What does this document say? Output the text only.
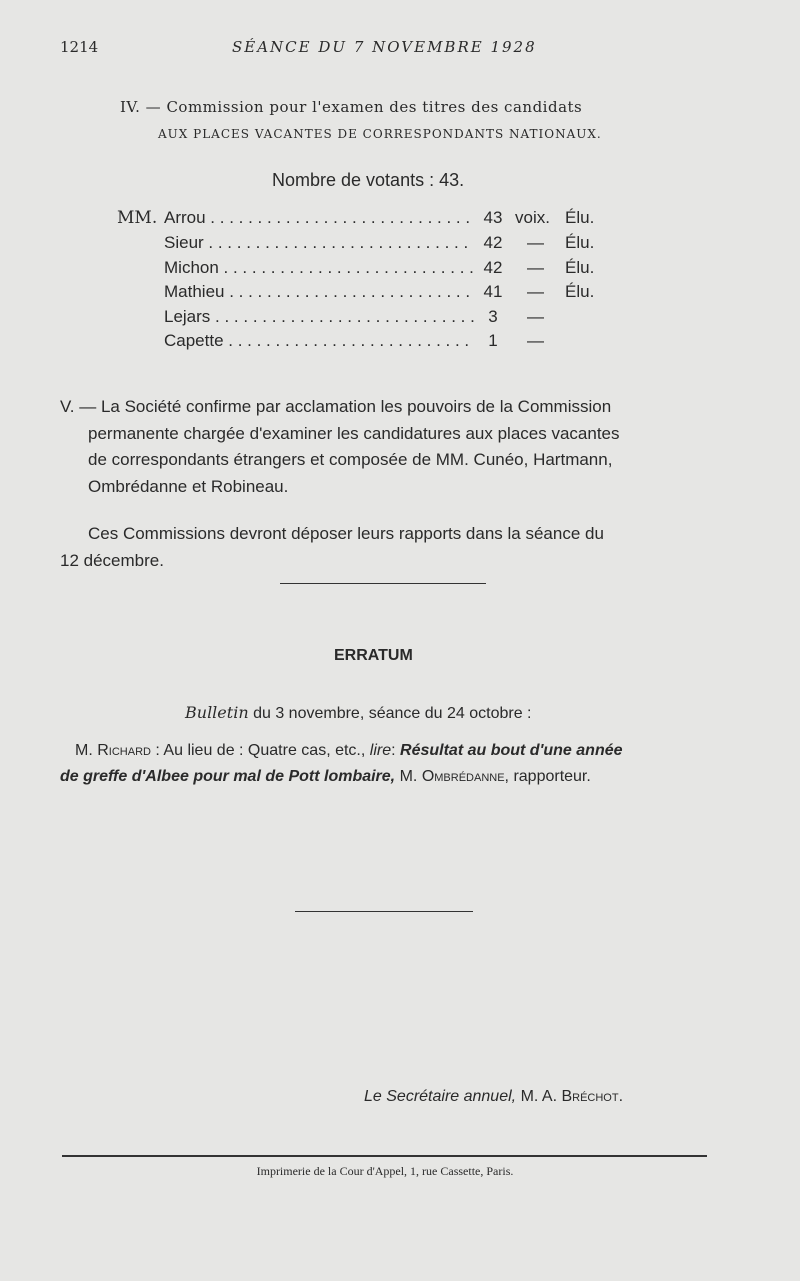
1214	SÉANCE DU 7 NOVEMBRE 1928
IV. — Commission pour l'examen des titres des candidats
AUX PLACES VACANTES DE CORRESPONDANTS NATIONAUX.
Nombre de votants : 43.
MM. Arrou . . .	43 voix. Élu.
Sieur . . .	42	— Élu.
Michon . . .	42	— Élu.
Mathieu . . .	41	— Élu.
Lejars . . .	3	—
Capette . . .	1	—
V. — La Société confirme par acclamation les pouvoirs de la Commission
permanente chargée d'examiner les candidatures aux places vacantes
de correspondants étrangers et composée de MM. Cunéo, Hartmann,
Ombrédanne et Robineau.
Ces Commissions devront déposer leurs rapports dans la séance du
12 décembre.
ERRATUM
Bulletin du 3 novembre, séance du 24 octobre :
M. Richard : Au lieu de : Quatre cas, etc., lire: Résultat au bout d'une année
de greffe d'Albee pour mal de Pott lombaire, M. Ombrédanne, rapporteur.
Le Secrétaire annuel, M. A. Bréchot.
Imprimerie de la Cour d'Appel, 1, rue Cassette, Paris.
